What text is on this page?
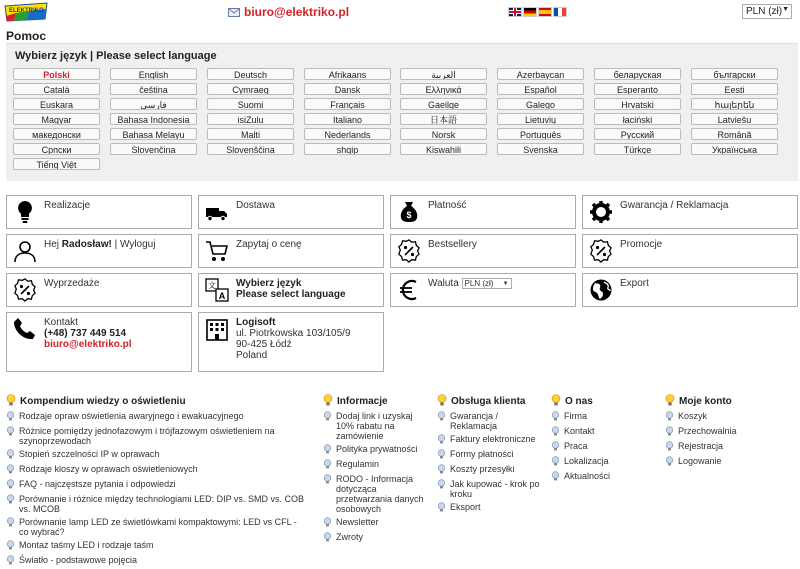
ELEKTRIKO	biuro@elektriko.pl	PLN (zł) ▼
Pomoc
Wybierz język | Please select language
Polski	English	Deutsch	Afrikaans	العربية	Azerbaycan	беларуская	български
Català	čeština	Cymraeg	Dansk	Ελληνικά	Español	Esperanto	Eesti
Euskara	فارسی	Suomi	Français	Gaeilge	Galego	Hrvatski	հայերեն
Magyar	Bahasa Indonesia	isiZulu	Italiano	日本語	Lietuvių	łaciński	Latviešu
македонски	Bahasa Melayu	Malti	Nederlands	Norsk	Português	Русский	Română
Српски	Slovenčina	Slovenščina	shqip	Kiswahili	Svenska	Türkçe	Українська
Tiếng Việt
Realizacje	Dostawa
$
Płatność	Gwarancja / Reklamacja
Hej Radosław! | Wyloguj	Zapytaj o cenę	Bestsellery	Promocje
Wyprzedaże	文
A
Wybierz język
Please select language
Waluta PLN (zł) ▼	Export
Kontakt
(+48) 737 449 514
biuro@elektriko.pl
Logisoft
ul. Piotrkowska 103/105/9
90-425 Łódź
Poland
Kompendium wiedzy o oświetleniu
Rodzaje opraw oświetlenia awaryjnego i ewakuacyjnego
Różnice pomiędzy jednofazowym i trójfazowym oświetleniem na szynoprzewodach
Stopień szczelności IP w oprawach
Rodzaje kloszy w oprawach oświetleniowych
FAQ - najczęstsze pytania i odpowiedzi
Porównanie i różnice między technologiami LED: DIP vs. SMD vs. COB vs. MCOB
Porównanie lamp LED ze świetlówkami kompaktowymi: LED vs CFL - co wybrać?
Montaż taśmy LED i rodzaje taśm
Światło - podstawowe pojęcia
Informacje
Dodaj link i uzyskaj 10% rabatu na zamówienie
Polityka prywatności
Regulamin
RODO - Informacja dotycząca przetwarzania danych osobowych
Newsletter
Zwroty
Obsługa klienta
Gwarancja / Reklamacja
Faktury elektroniczne
Formy płatności
Koszty przesyłki
Jak kupować - krok po kroku
Eksport
O nas
Firma
Kontakt
Praca
Lokalizacja
Aktualności
Moje konto
Koszyk
Przechowalnia
Rejestracja
Logowanie
